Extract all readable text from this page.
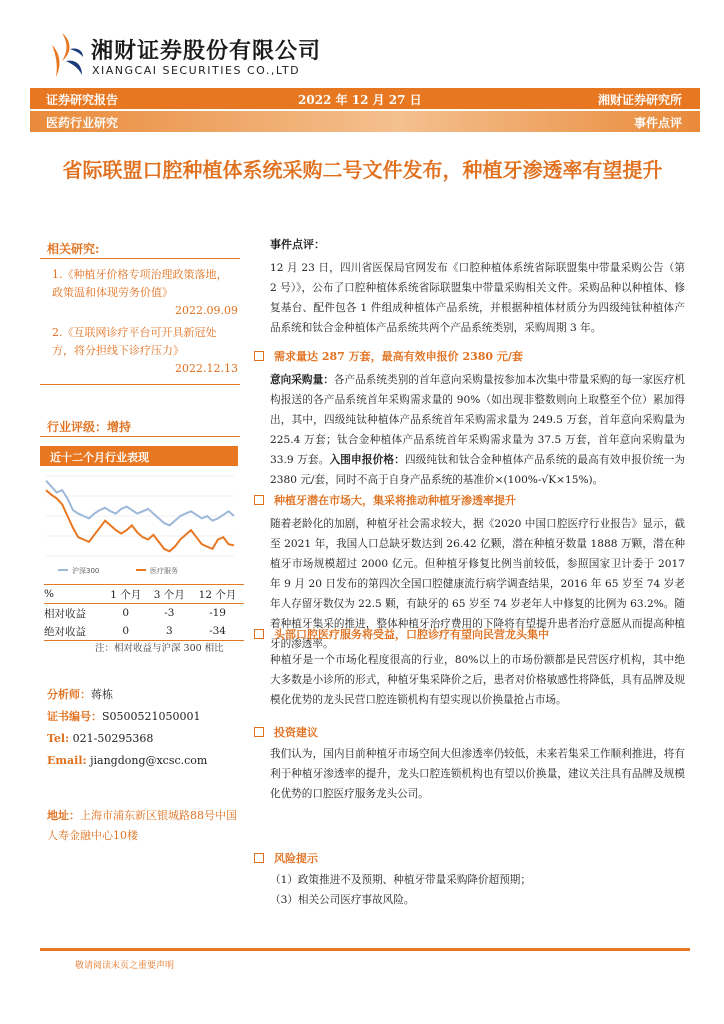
湘财证券股份有限公司
XIANGCAI SECURITIES CO.,LTD
证券研究报告	2022 年 12 月 27 日	湘财证券研究所
医药行业研究	事件点评
省际联盟口腔种植体系统采购二号文件发布，种植牙渗透率有望提升
相关研究:
1.《种植牙价格专项治理政策落地，政策温和体现劳务价值》
2022.09.09
2.《互联网诊疗平台可开具新冠处方，将分担线下诊疗压力》
2022.12.13
行业评级：增持
近十二个月行业表现
沪深300	医疗服务
%	1 个月	3 个月	12 个月
相对收益	0	-3	-19
绝对收益	0	3	-34
注：相对收益与沪深 300 相比
分析师：蒋栋
证书编号：S0500521050001
Tel: 021-50295368
Email: jiangdong@xcsc.com
地址：上海市浦东新区银城路88号中国人寿金融中心10楼
事件点评：
12 月 23 日，四川省医保局官网发布《口腔种植体系统省际联盟集中带量采购公告（第 2 号）》，公布了口腔种植体系统省际联盟集中带量采购相关文件。采购品种以种植体、修复基台、配件包各 1 件组成种植体产品系统，并根据种植体材质分为四级纯钛种植体产品系统和钛合金种植体产品系统共两个产品系统类别，采购周期 3 年。
需求量达 287 万套，最高有效申报价 2380 元/套
意向采购量：各产品系统类别的首年意向采购量按参加本次集中带量采购的每一家医疗机构报送的各产品系统首年采购需求量的 90%（如出现非整数则向上取整至个位）累加得出，其中，四级纯钛种植体产品系统首年采购需求量为 249.5 万套，首年意向采购量为 225.4 万套；钛合金种植体产品系统首年采购需求量为 37.5 万套，首年意向采购量为 33.9 万套。入围申报价格：四级纯钛和钛合金种植体产品系统的最高有效申报价统一为 2380 元/套，同时不高于自身产品系统的基准价×(100%-√K×15%)。
种植牙潜在市场大，集采将推动种植牙渗透率提升
随着老龄化的加剧，种植牙社会需求较大，据《2020 中国口腔医疗行业报告》显示，截至 2021 年，我国人口总缺牙数达到 26.42 亿颗，潜在种植牙数量 1888 万颗，潜在种植牙市场规模超过 2000 亿元。但种植牙修复比例当前较低，参照国家卫计委于 2017 年 9 月 20 日发布的第四次全国口腔健康流行病学调查结果，2016 年 65 岁至 74 岁老年人存留牙数仅为 22.5 颗，有缺牙的 65 岁至 74 岁老年人中修复的比例为 63.2%。随着种植牙集采的推进，整体种植牙治疗费用的下降将有望提升患者治疗意愿从而提高种植牙的渗透率。
头部口腔医疗服务将受益，口腔诊疗有望向民营龙头集中
种植牙是一个市场化程度很高的行业，80%以上的市场份额都是民营医疗机构，其中绝大多数是小诊所的形式，种植牙集采降价之后，患者对价格敏感性将降低，具有品牌及规模化优势的龙头民营口腔连锁机构有望实现以价换量抢占市场。
投资建议
我们认为，国内目前种植牙市场空间大但渗透率仍较低，未来若集采工作顺利推进，将有利于种植牙渗透率的提升，龙头口腔连锁机构也有望以价换量，建议关注具有品牌及规模化优势的口腔医疗服务龙头公司。
风险提示
（1）政策推进不及预期、种植牙带量采购降价超预期；
（3）相关公司医疗事故风险。
敬请阅读末页之重要声明
